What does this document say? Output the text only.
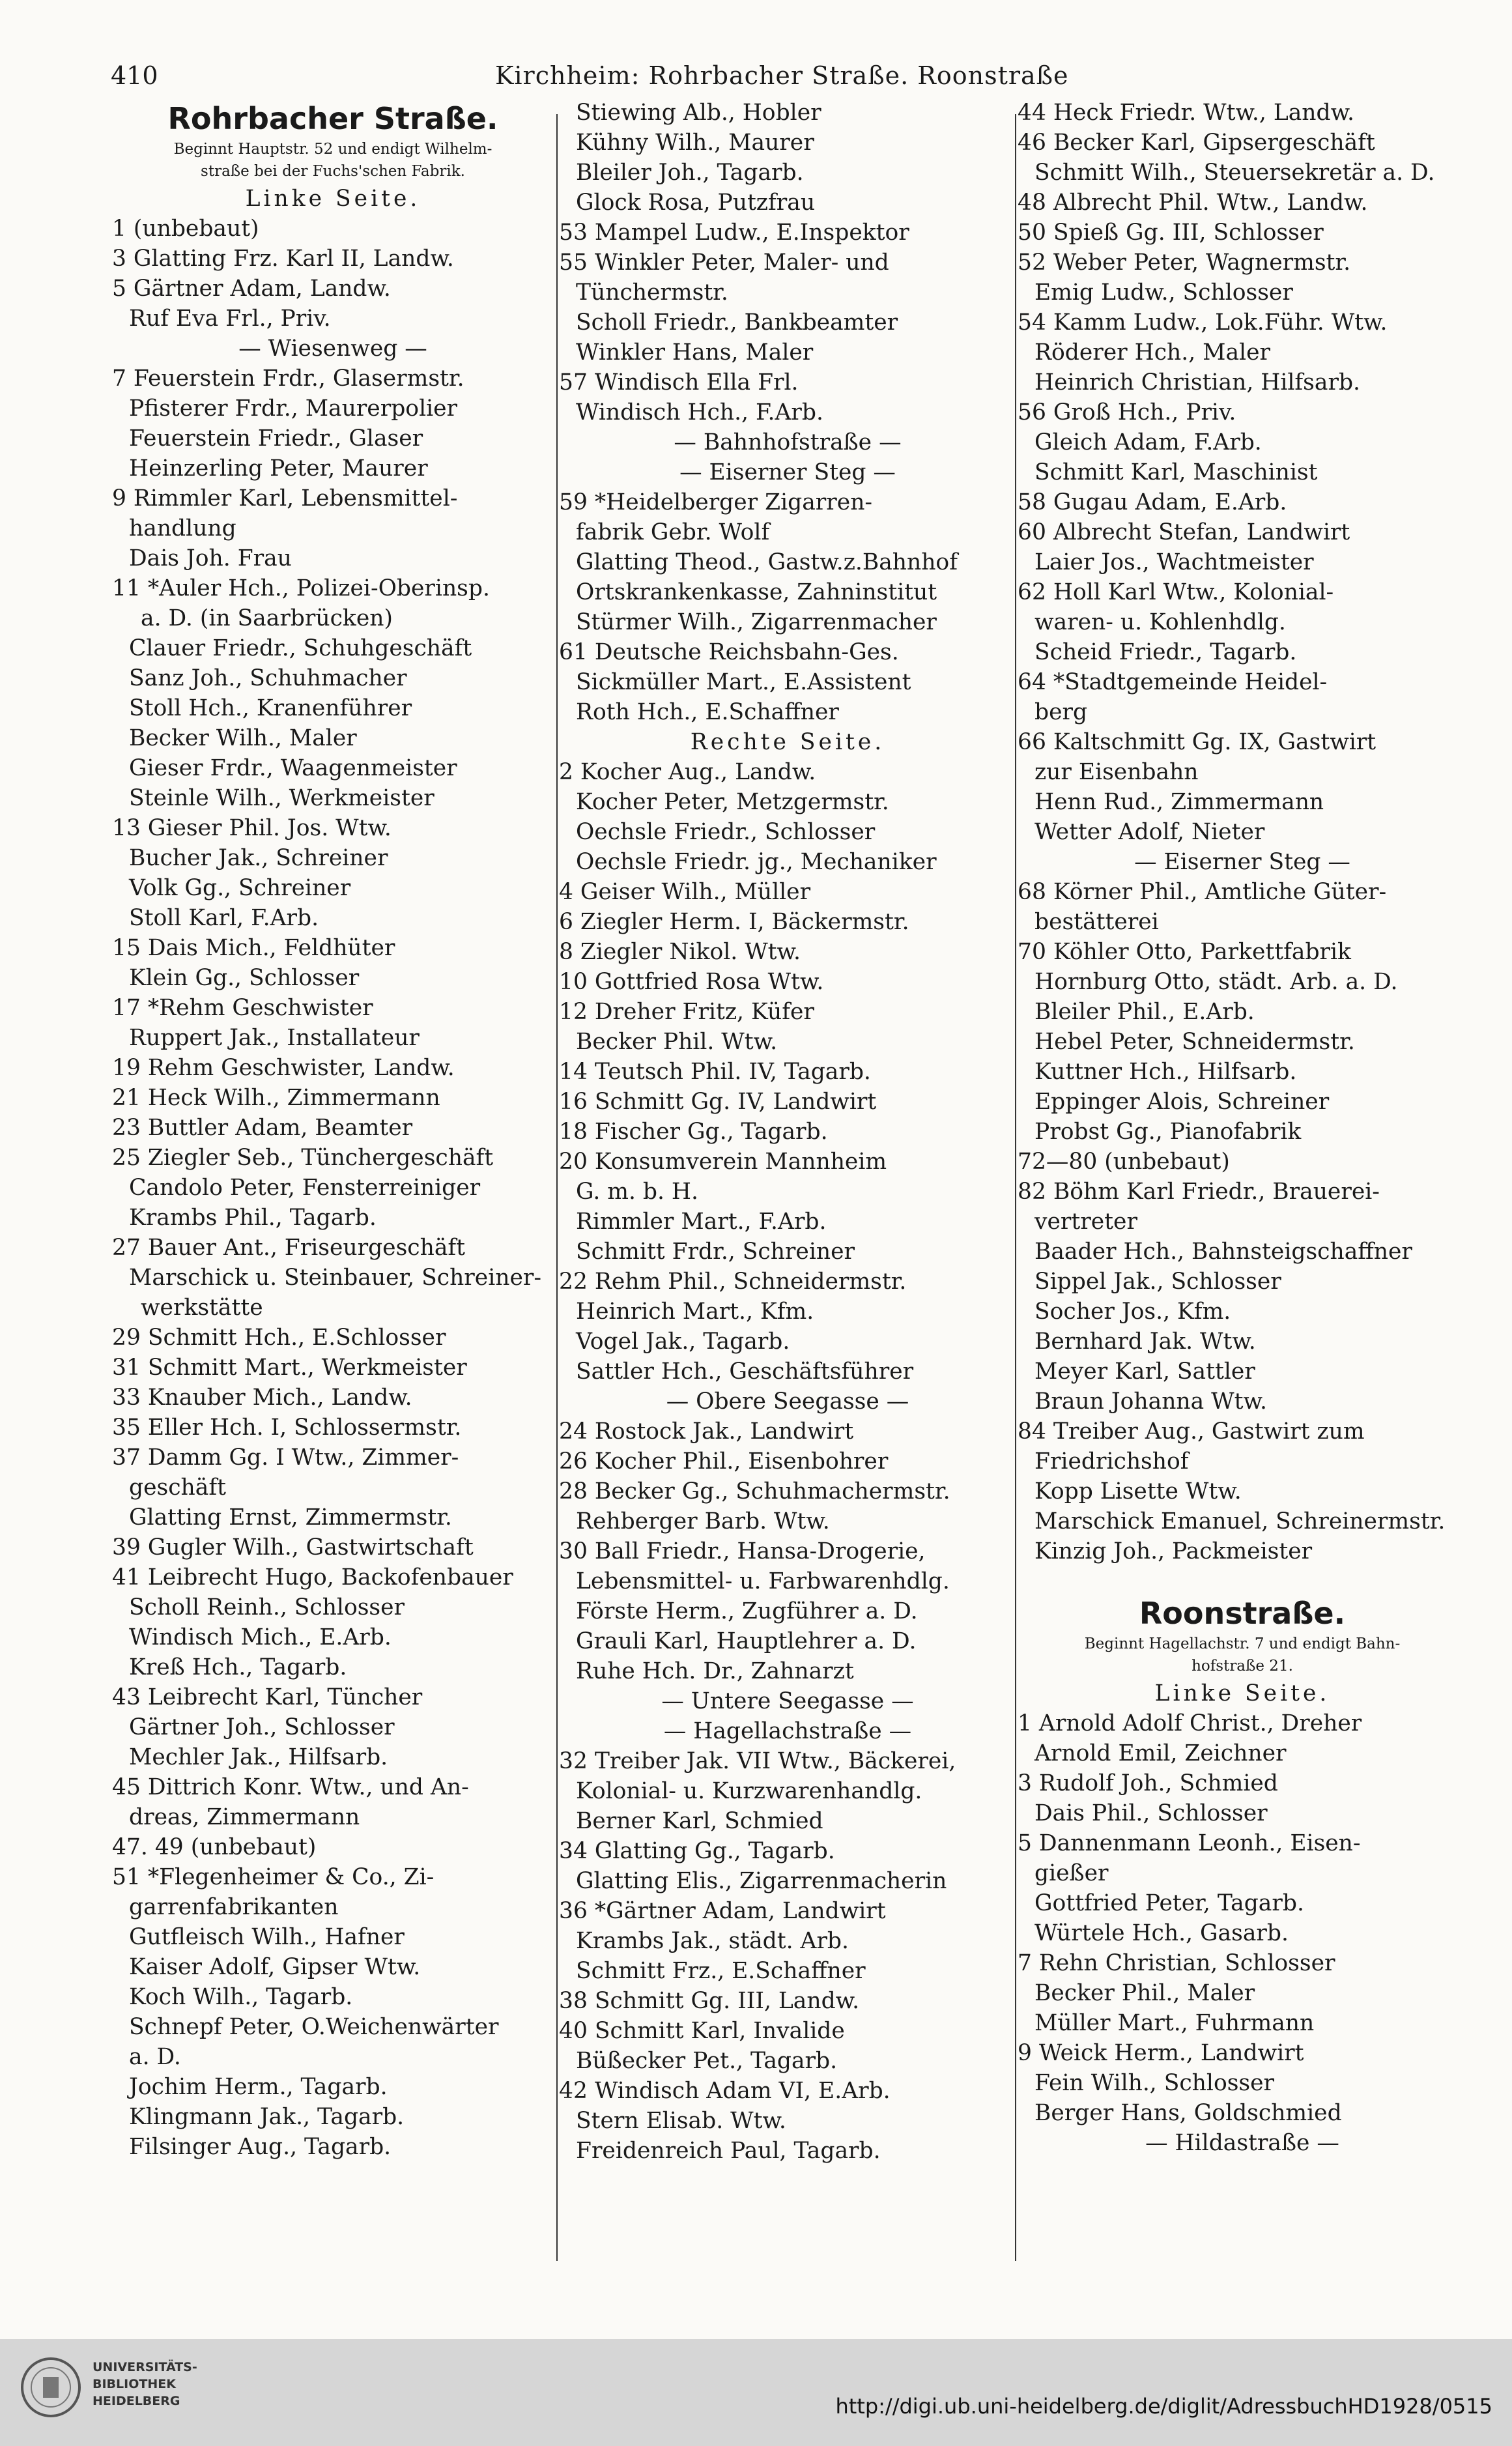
410	Kirchheim: Rohrbacher Straße. Roonstraße
Rohrbacher Straße.
Beginnt Hauptstr. 52 und endigt Wilhelm-
straße bei der Fuchs'schen Fabrik.
Linke Seite.
1 (unbebaut)
3 Glatting Frz. Karl II, Landw.
5 Gärtner Adam, Landw.
Ruf Eva Frl., Priv.
— Wiesenweg —
7 Feuerstein Frdr., Glasermstr.
Pfisterer Frdr., Maurerpolier
Feuerstein Friedr., Glaser
Heinzerling Peter, Maurer
9 Rimmler Karl, Lebensmittel-
handlung
Dais Joh. Frau
11 *Auler Hch., Polizei-Oberinsp.
a. D. (in Saarbrücken)
Clauer Friedr., Schuhgeschäft
Sanz Joh., Schuhmacher
Stoll Hch., Kranenführer
Becker Wilh., Maler
Gieser Frdr., Waagenmeister
Steinle Wilh., Werkmeister
13 Gieser Phil. Jos. Wtw.
Bucher Jak., Schreiner
Volk Gg., Schreiner
Stoll Karl, F.Arb.
15 Dais Mich., Feldhüter
Klein Gg., Schlosser
17 *Rehm Geschwister
Ruppert Jak., Installateur
19 Rehm Geschwister, Landw.
21 Heck Wilh., Zimmermann
23 Buttler Adam, Beamter
25 Ziegler Seb., Tünchergeschäft
Candolo Peter, Fensterreiniger
Krambs Phil., Tagarb.
27 Bauer Ant., Friseurgeschäft
Marschick u. Steinbauer, Schreiner-
werkstätte
29 Schmitt Hch., E.Schlosser
31 Schmitt Mart., Werkmeister
33 Knauber Mich., Landw.
35 Eller Hch. I, Schlossermstr.
37 Damm Gg. I Wtw., Zimmer-
geschäft
Glatting Ernst, Zimmermstr.
39 Gugler Wilh., Gastwirtschaft
41 Leibrecht Hugo, Backofenbauer
Scholl Reinh., Schlosser
Windisch Mich., E.Arb.
Kreß Hch., Tagarb.
43 Leibrecht Karl, Tüncher
Gärtner Joh., Schlosser
Mechler Jak., Hilfsarb.
45 Dittrich Konr. Wtw., und An-
dreas, Zimmermann
47. 49 (unbebaut)
51 *Flegenheimer & Co., Zi-
garrenfabrikanten
Gutfleisch Wilh., Hafner
Kaiser Adolf, Gipser Wtw.
Koch Wilh., Tagarb.
Schnepf Peter, O.Weichenwärter
a. D.
Jochim Herm., Tagarb.
Klingmann Jak., Tagarb.
Filsinger Aug., Tagarb.
Stiewing Alb., Hobler
Kühny Wilh., Maurer
Bleiler Joh., Tagarb.
Glock Rosa, Putzfrau
53 Mampel Ludw., E.Inspektor
55 Winkler Peter, Maler- und
Tünchermstr.
Scholl Friedr., Bankbeamter
Winkler Hans, Maler
57 Windisch Ella Frl.
Windisch Hch., F.Arb.
— Bahnhofstraße —
— Eiserner Steg —
59 *Heidelberger Zigarren-
fabrik Gebr. Wolf
Glatting Theod., Gastw.z.Bahnhof
Ortskrankenkasse, Zahninstitut
Stürmer Wilh., Zigarrenmacher
61 Deutsche Reichsbahn-Ges.
Sickmüller Mart., E.Assistent
Roth Hch., E.Schaffner
Rechte Seite.
2 Kocher Aug., Landw.
Kocher Peter, Metzgermstr.
Oechsle Friedr., Schlosser
Oechsle Friedr. jg., Mechaniker
4 Geiser Wilh., Müller
6 Ziegler Herm. I, Bäckermstr.
8 Ziegler Nikol. Wtw.
10 Gottfried Rosa Wtw.
12 Dreher Fritz, Küfer
Becker Phil. Wtw.
14 Teutsch Phil. IV, Tagarb.
16 Schmitt Gg. IV, Landwirt
18 Fischer Gg., Tagarb.
20 Konsumverein Mannheim
G. m. b. H.
Rimmler Mart., F.Arb.
Schmitt Frdr., Schreiner
22 Rehm Phil., Schneidermstr.
Heinrich Mart., Kfm.
Vogel Jak., Tagarb.
Sattler Hch., Geschäftsführer
— Obere Seegasse —
24 Rostock Jak., Landwirt
26 Kocher Phil., Eisenbohrer
28 Becker Gg., Schuhmachermstr.
Rehberger Barb. Wtw.
30 Ball Friedr., Hansa-Drogerie,
Lebensmittel- u. Farbwarenhdlg.
Förste Herm., Zugführer a. D.
Grauli Karl, Hauptlehrer a. D.
Ruhe Hch. Dr., Zahnarzt
— Untere Seegasse —
— Hagellachstraße —
32 Treiber Jak. VII Wtw., Bäckerei,
Kolonial- u. Kurzwarenhandlg.
Berner Karl, Schmied
34 Glatting Gg., Tagarb.
Glatting Elis., Zigarrenmacherin
36 *Gärtner Adam, Landwirt
Krambs Jak., städt. Arb.
Schmitt Frz., E.Schaffner
38 Schmitt Gg. III, Landw.
40 Schmitt Karl, Invalide
Büßecker Pet., Tagarb.
42 Windisch Adam VI, E.Arb.
Stern Elisab. Wtw.
Freidenreich Paul, Tagarb.
44 Heck Friedr. Wtw., Landw.
46 Becker Karl, Gipsergeschäft
Schmitt Wilh., Steuersekretär a. D.
48 Albrecht Phil. Wtw., Landw.
50 Spieß Gg. III, Schlosser
52 Weber Peter, Wagnermstr.
Emig Ludw., Schlosser
54 Kamm Ludw., Lok.Führ. Wtw.
Röderer Hch., Maler
Heinrich Christian, Hilfsarb.
56 Groß Hch., Priv.
Gleich Adam, F.Arb.
Schmitt Karl, Maschinist
58 Gugau Adam, E.Arb.
60 Albrecht Stefan, Landwirt
Laier Jos., Wachtmeister
62 Holl Karl Wtw., Kolonial-
waren- u. Kohlenhdlg.
Scheid Friedr., Tagarb.
64 *Stadtgemeinde Heidel-
berg
66 Kaltschmitt Gg. IX, Gastwirt
zur Eisenbahn
Henn Rud., Zimmermann
Wetter Adolf, Nieter
— Eiserner Steg —
68 Körner Phil., Amtliche Güter-
bestätterei
70 Köhler Otto, Parkettfabrik
Hornburg Otto, städt. Arb. a. D.
Bleiler Phil., E.Arb.
Hebel Peter, Schneidermstr.
Kuttner Hch., Hilfsarb.
Eppinger Alois, Schreiner
Probst Gg., Pianofabrik
72—80 (unbebaut)
82 Böhm Karl Friedr., Brauerei-
vertreter
Baader Hch., Bahnsteigschaffner
Sippel Jak., Schlosser
Socher Jos., Kfm.
Bernhard Jak. Wtw.
Meyer Karl, Sattler
Braun Johanna Wtw.
84 Treiber Aug., Gastwirt zum
Friedrichshof
Kopp Lisette Wtw.
Marschick Emanuel, Schreinermstr.
Kinzig Joh., Packmeister
Roonstraße.
Beginnt Hagellachstr. 7 und endigt Bahn-
hofstraße 21.
Linke Seite.
1 Arnold Adolf Christ., Dreher
Arnold Emil, Zeichner
3 Rudolf Joh., Schmied
Dais Phil., Schlosser
5 Dannenmann Leonh., Eisen-
gießer
Gottfried Peter, Tagarb.
Würtele Hch., Gasarb.
7 Rehn Christian, Schlosser
Becker Phil., Maler
Müller Mart., Fuhrmann
9 Weick Herm., Landwirt
Fein Wilh., Schlosser
Berger Hans, Goldschmied
— Hildastraße —
UNIVERSITÄTS-
BIBLIOTHEK
HEIDELBERG	http://digi.ub.uni-heidelberg.de/diglit/AdressbuchHD1928/0515
